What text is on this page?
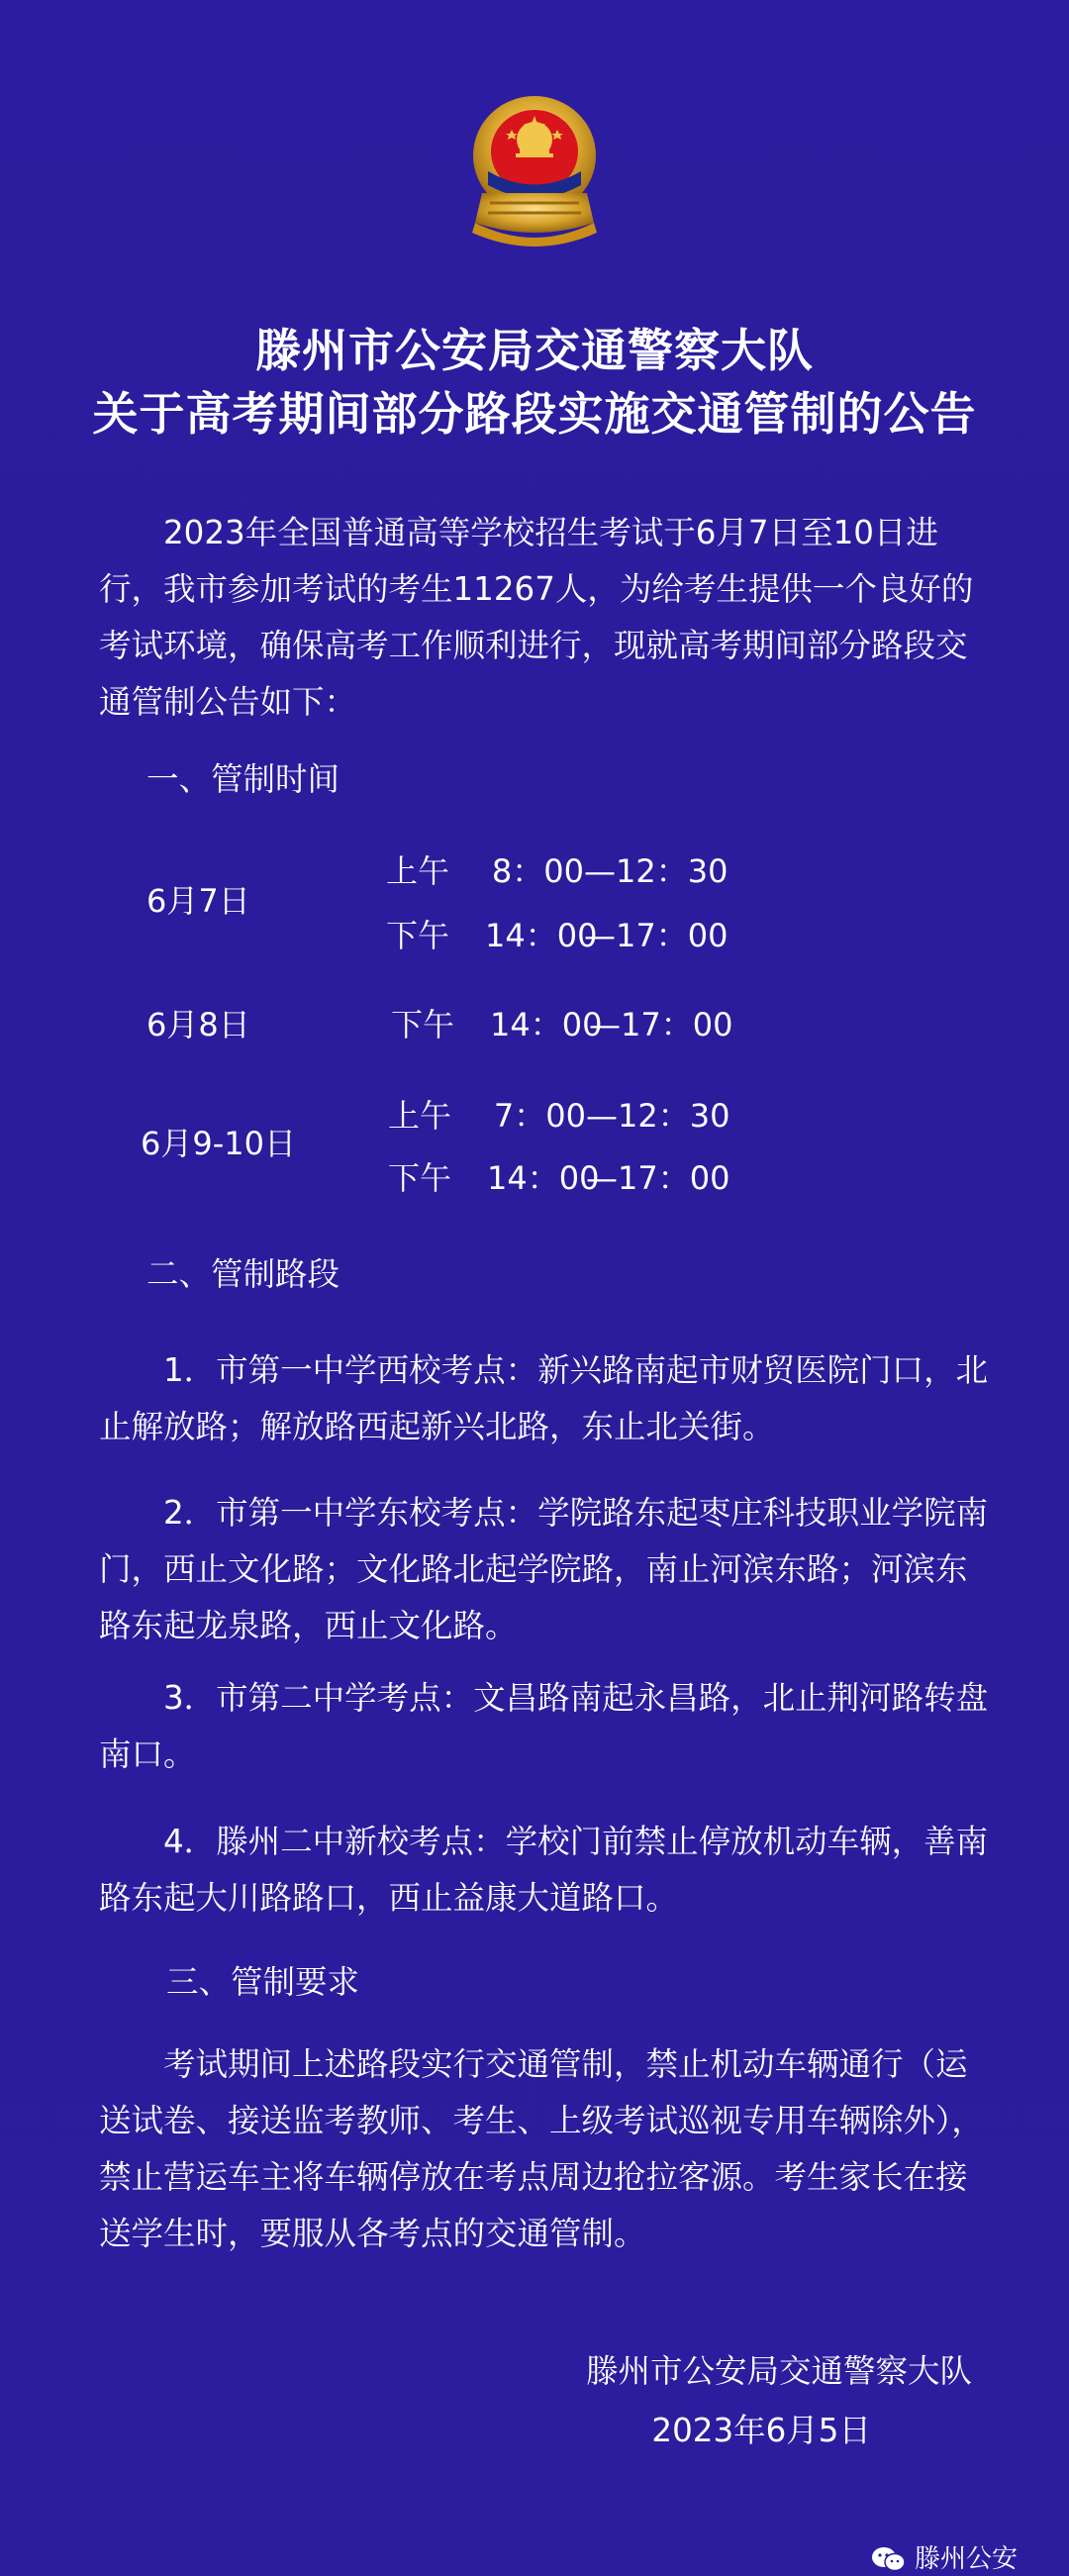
滕州市公安局交通警察大队
关于高考期间部分路段实施交通管制的公告

2023年全国普通高等学校招生考试于6月7日至10日进行，我市参加考试的考生11267人，为给考生提供一个良好的考试环境，确保高考工作顺利进行，现就高考期间部分路段交通管制公告如下：

一、管制时间
6月7日
上午 8：00—12：30
下午 14：00—17：00
6月8日	下午 14：00—17：00
6月9-10日
上午 7：00—12：30
下午 14：00—17：00
二、管制路段

1．市第一中学西校考点：新兴路南起市财贸医院门口，北止解放路；解放路西起新兴北路，东止北关街。

2．市第一中学东校考点：学院路东起枣庄科技职业学院南门，西止文化路；文化路北起学院路，南止河滨东路；河滨东路东起龙泉路，西止文化路。

3．市第二中学考点：文昌路南起永昌路，北止荆河路转盘南口。

4．滕州二中新校考点：学校门前禁止停放机动车辆，善南路东起大川路路口，西止益康大道路口。

三、管制要求

考试期间上述路段实行交通管制，禁止机动车辆通行（运送试卷、接送监考教师、考生、上级考试巡视专用车辆除外），禁止营运车主将车辆停放在考点周边抢拉客源。考生家长在接送学生时，要服从各考点的交通管制。

滕州市公安局交通警察大队
2023年6月5日
滕州公安
